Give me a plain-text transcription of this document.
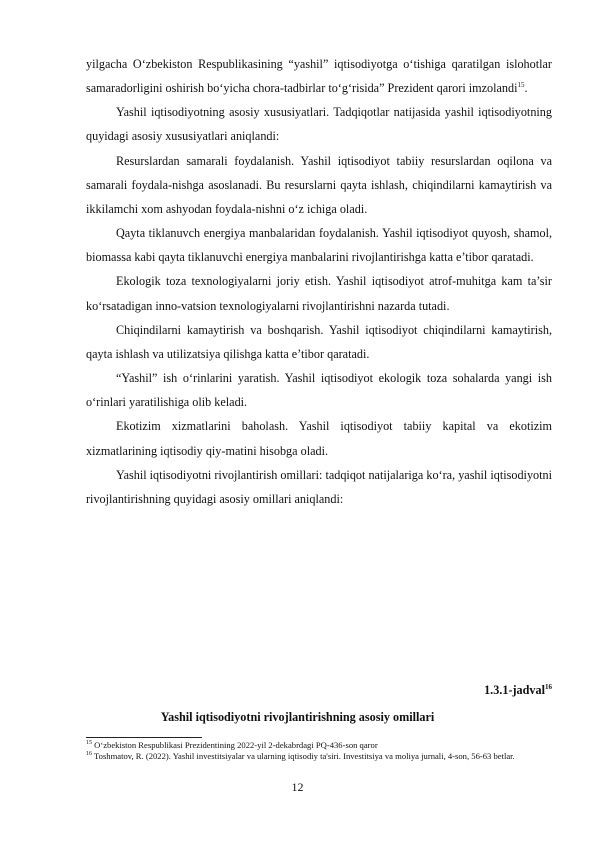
yilgacha O‘zbekiston Respublikasining “yashil” iqtisodiyotga o‘tishiga qaratilgan islohotlar samaradorligini oshirish bo‘yicha chora-tadbirlar to‘g‘risida” Prezident qarori imzolandi$^{15}$.

Yashil iqtisodiyotning asosiy xususiyatlari. Tadqiqotlar natijasida yashil iqtisodiyotning quyidagi asosiy xususiyatlari aniqlandi:

Resurslardan samarali foydalanish. Yashil iqtisodiyot tabiiy resurslardan oqilona va samarali foydala-nishga asoslanadi. Bu resurslarni qayta ishlash, chiqindilarni kamaytirish va ikkilamchi xom ashyodan foydala-nishni o‘z ichiga oladi.

Qayta tiklanuvch energiya manbalaridan foydalanish. Yashil iqtisodiyot quyosh, shamol, biomassa kabi qayta tiklanuvchi energiya manbalarini rivojlantirishga katta e’tibor qaratadi.

Ekologik toza texnologiyalarni joriy etish. Yashil iqtisodiyot atrof-muhitga kam ta’sir ko‘rsatadigan inno-vatsion texnologiyalarni rivojlantirishni nazarda tutadi.

Chiqindilarni kamaytirish va boshqarish. Yashil iqtisodiyot chiqindilarni kamaytirish, qayta ishlash va utilizatsiya qilishga katta e’tibor qaratadi.

“Yashil” ish o‘rinlarini yaratish. Yashil iqtisodiyot ekologik toza sohalarda yangi ish o‘rinlari yaratilishiga olib keladi.

Ekotizim xizmatlarini baholash. Yashil iqtisodiyot tabiiy kapital va ekotizim xizmatlarining iqtisodiy qiy-matini hisobga oladi.

Yashil iqtisodiyotni rivojlantirish omillari: tadqiqot natijalariga ko‘ra, yashil iqtisodiyotni rivojlantirishning quyidagi asosiy omillari aniqlandi:

1.3.1-jadval$^{16}$
Yashil iqtisodiyotni rivojlantirishning asosiy omillari

$^{15}$ O‘zbekiston Respublikasi Prezidentining 2022-yil 2-dekabrdagi PQ-436-son qaror

$^{16}$ Toshmatov, R. (2022). Yashil investitsiyalar va ularning iqtisodiy ta'siri. Investitsiya va moliya jurnali, 4-son, 56-63 betlar.

12
